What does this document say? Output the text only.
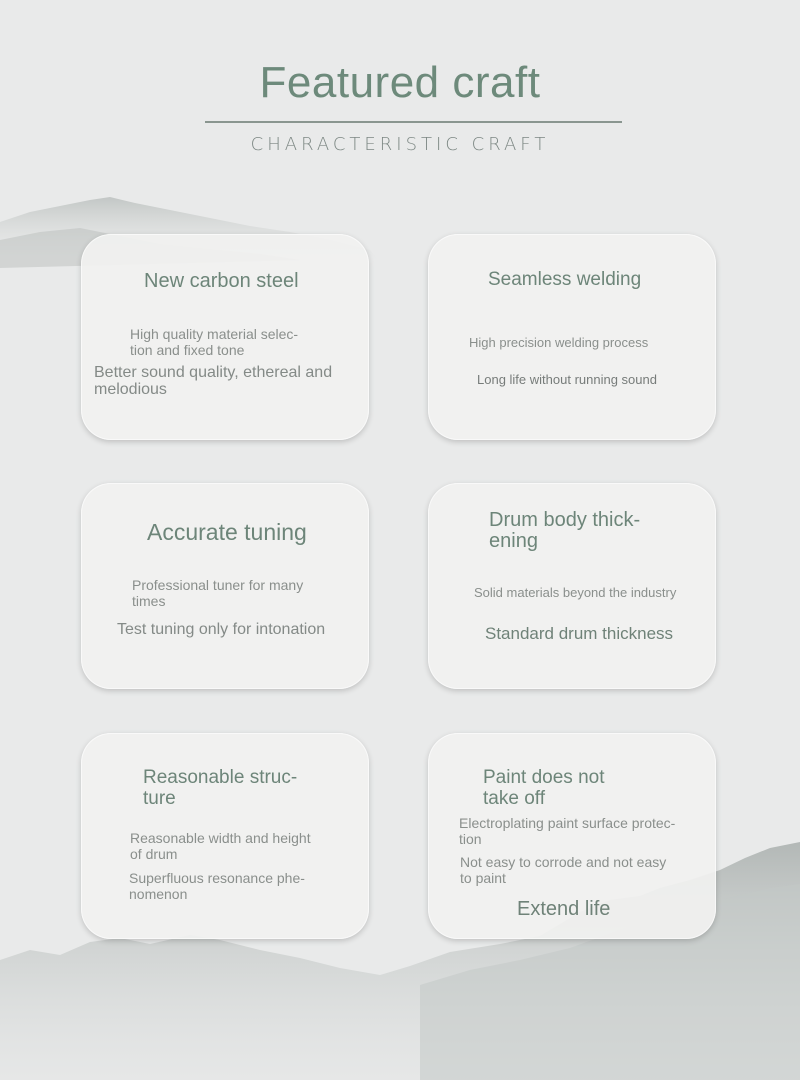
Featured craft
CHARACTERISTIC CRAFT
New carbon steel
High quality material selec-
tion and fixed tone
Better sound quality, ethereal and
melodious
Seamless welding
High precision welding process
Long life without running sound
Accurate tuning
Professional tuner for many
times
Test tuning only for intonation
Drum body thick-
ening
Solid materials beyond the industry
Standard drum thickness
Reasonable struc-
ture
Reasonable width and height
of drum
Superfluous resonance phe-
nomenon
Paint does not
take off
Electroplating paint surface protec-
tion
Not easy to corrode and not easy
to paint
Extend life
